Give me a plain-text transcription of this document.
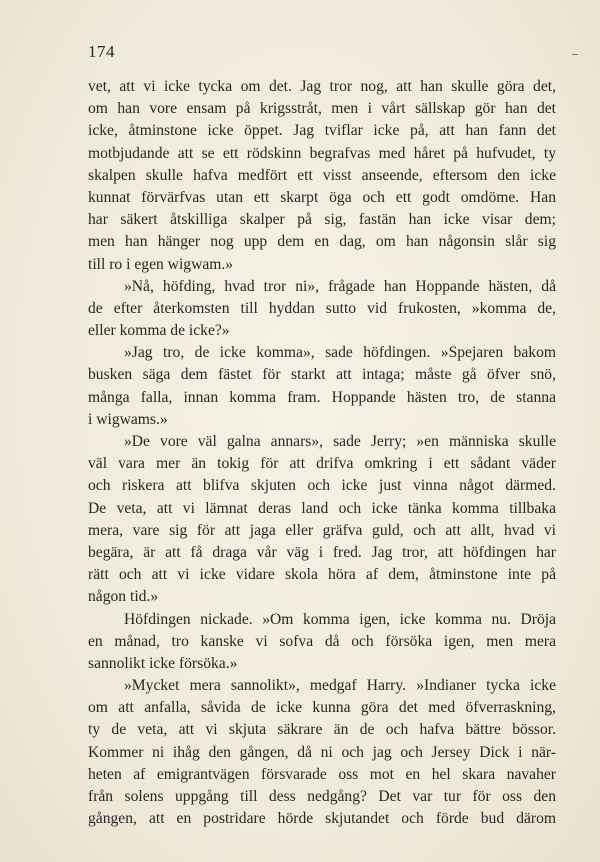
174
vet, att vi icke tycka om det. Jag tror nog, att han skulle göra det,
om han vore ensam på krigsstråt, men i vårt sällskap gör han det
icke, åtminstone icke öppet. Jag tviflar icke på, att han fann det
motbjudande att se ett rödskinn begrafvas med håret på hufvudet, ty
skalpen skulle hafva medfört ett visst anseende, eftersom den icke
kunnat förvärfvas utan ett skarpt öga och ett godt omdöme. Han
har säkert åtskilliga skalper på sig, fastän han icke visar dem;
men han hänger nog upp dem en dag, om han någonsin slår sig
till ro i egen wigwam.»
»Nå, höfding, hvad tror ni», frågade han Hoppande hästen, då
de efter återkomsten till hyddan sutto vid frukosten, »komma de,
eller komma de icke?»
»Jag tro, de icke komma», sade höfdingen. »Spejaren bakom
busken säga dem fästet för starkt att intaga; måste gå öfver snö,
många falla, innan komma fram. Hoppande hästen tro, de stanna
i wigwams.»
»De vore väl galna annars», sade Jerry; »en människa skulle
väl vara mer än tokig för att drifva omkring i ett sådant väder
och riskera att blifva skjuten och icke just vinna något därmed.
De veta, att vi lämnat deras land och icke tänka komma tillbaka
mera, vare sig för att jaga eller gräfva guld, och att allt, hvad vi
begära, är att få draga vår väg i fred. Jag tror, att höfdingen har
rätt och att vi icke vidare skola höra af dem, åtminstone inte på
någon tid.»
Höfdingen nickade. »Om komma igen, icke komma nu. Dröja
en månad, tro kanske vi sofva då och försöka igen, men mera
sannolikt icke försöka.»
»Mycket mera sannolikt», medgaf Harry. »Indianer tycka icke
om att anfalla, såvida de icke kunna göra det med öfverraskning,
ty de veta, att vi skjuta säkrare än de och hafva bättre bössor.
Kommer ni ihåg den gången, då ni och jag och Jersey Dick i när-
heten af emigrantvägen försvarade oss mot en hel skara navaher
från solens uppgång till dess nedgång? Det var tur för oss den
gången, att en postridare hörde skjutandet och förde bud därom
